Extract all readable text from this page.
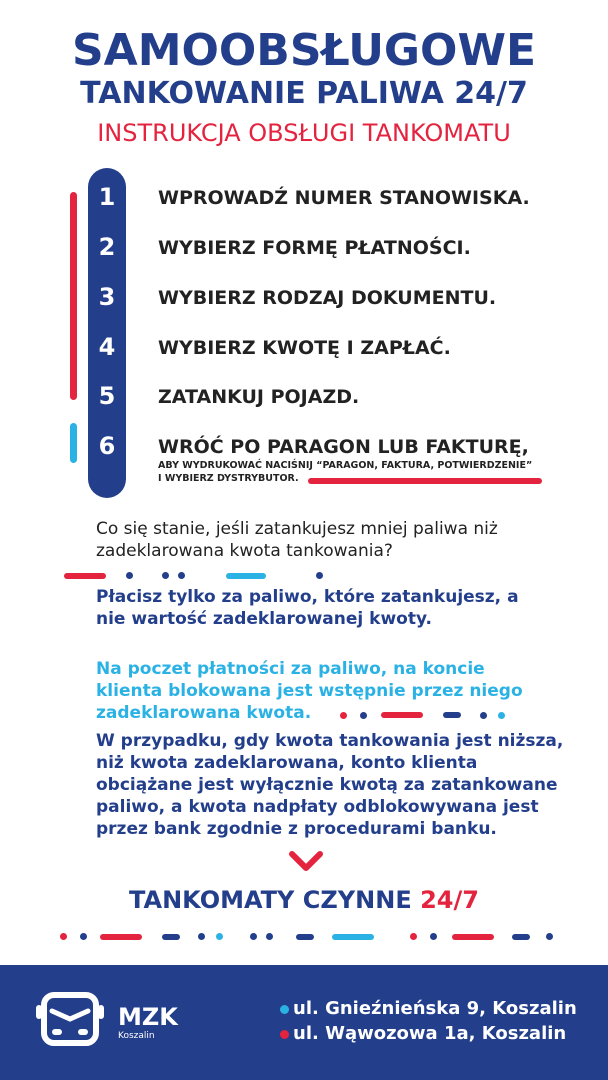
SAMOOBSŁUGOWE
TANKOWANIE PALIWA 24/7
INSTRUKCJA OBSŁUGI TANKOMATU
1
2
3
4
5
6
WPROWADŹ NUMER STANOWISKA.
WYBIERZ FORMĘ PŁATNOŚCI.
WYBIERZ RODZAJ DOKUMENTU.
WYBIERZ KWOTĘ I ZAPŁAĆ.
ZATANKUJ POJAZD.
WRÓĆ PO PARAGON LUB FAKTURĘ,
ABY WYDRUKOWAĆ NACIŚNIJ “PARAGON, FAKTURA, POTWIERDZENIE”
I WYBIERZ DYSTRYBUTOR.
Co się stanie, jeśli zatankujesz mniej paliwa niż zadeklarowana kwota tankowania?
Płacisz tylko za paliwo, które zatankujesz, a nie wartość zadeklarowanej kwoty.
Na poczet płatności za paliwo, na koncie klienta blokowana jest wstępnie przez niego zadeklarowana kwota.
W przypadku, gdy kwota tankowania jest niższa, niż kwota zadeklarowana, konto klienta obciążane jest wyłącznie kwotą za zatankowane paliwo, a kwota nadpłaty odblokowywana jest przez bank zgodnie z procedurami banku.
TANKOMATY CZYNNE 24/7
MZK
Koszalin
ul. Gnieźnieńska 9, Koszalin
ul. Wąwozowa 1a, Koszalin
